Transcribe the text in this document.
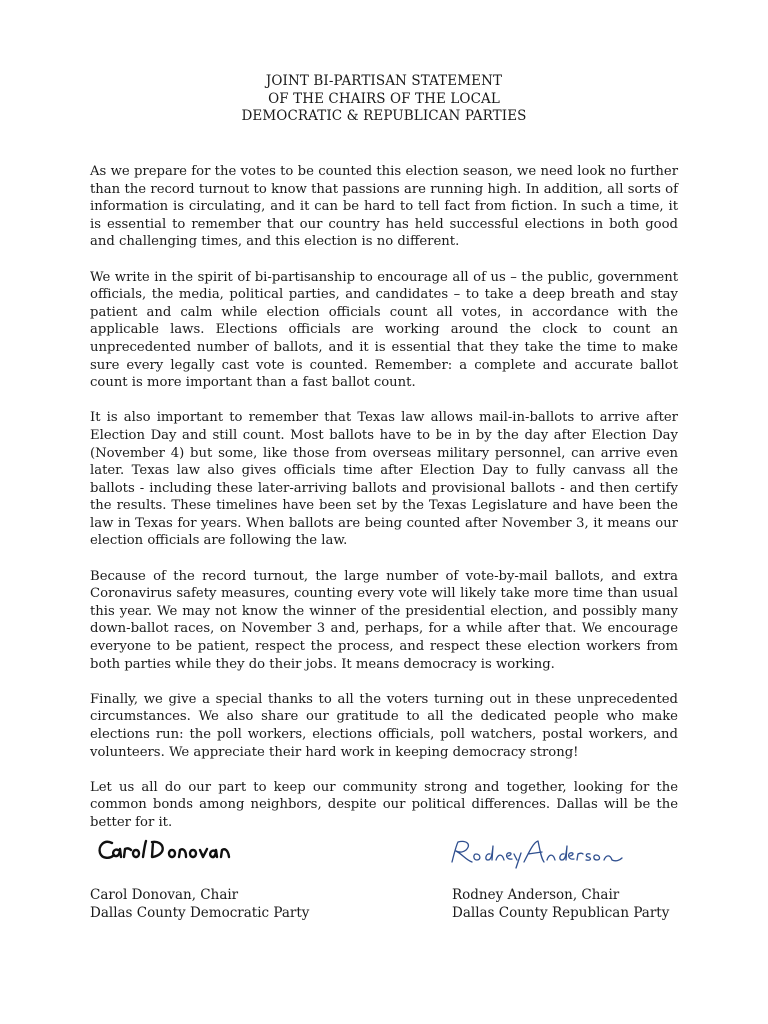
JOINT BI-PARTISAN STATEMENT
OF THE CHAIRS OF THE LOCAL
DEMOCRATIC & REPUBLICAN PARTIES

As we prepare for the votes to be counted this election season, we need look no further than the record turnout to know that passions are running high. In addition, all sorts of information is circulating, and it can be hard to tell fact from fiction. In such a time, it is essential to remember that our country has held successful elections in both good and challenging times, and this election is no different.

We write in the spirit of bi-partisanship to encourage all of us – the public, government officials, the media, political parties, and candidates – to take a deep breath and stay patient and calm while election officials count all votes, in accordance with the applicable laws. Elections officials are working around the clock to count an unprecedented number of ballots, and it is essential that they take the time to make sure every legally cast vote is counted. Remember: a complete and accurate ballot count is more important than a fast ballot count.

It is also important to remember that Texas law allows mail-in-ballots to arrive after Election Day and still count. Most ballots have to be in by the day after Election Day (November 4) but some, like those from overseas military personnel, can arrive even later. Texas law also gives officials time after Election Day to fully canvass all the ballots - including these later-arriving ballots and provisional ballots - and then certify the results. These timelines have been set by the Texas Legislature and have been the law in Texas for years. When ballots are being counted after November 3, it means our election officials are following the law.

Because of the record turnout, the large number of vote-by-mail ballots, and extra Coronavirus safety measures, counting every vote will likely take more time than usual this year. We may not know the winner of the presidential election, and possibly many down-ballot races, on November 3 and, perhaps, for a while after that. We encourage everyone to be patient, respect the process, and respect these election workers from both parties while they do their jobs. It means democracy is working.

Finally, we give a special thanks to all the voters turning out in these unprecedented circumstances. We also share our gratitude to all the dedicated people who make elections run: the poll workers, elections officials, poll watchers, postal workers, and volunteers. We appreciate their hard work in keeping democracy strong!

Let us all do our part to keep our community strong and together, looking for the common bonds among neighbors, despite our political differences. Dallas will be the better for it.

Carol Donovan, Chair
Dallas County Democratic Party
Rodney Anderson, Chair
Dallas County Republican Party
